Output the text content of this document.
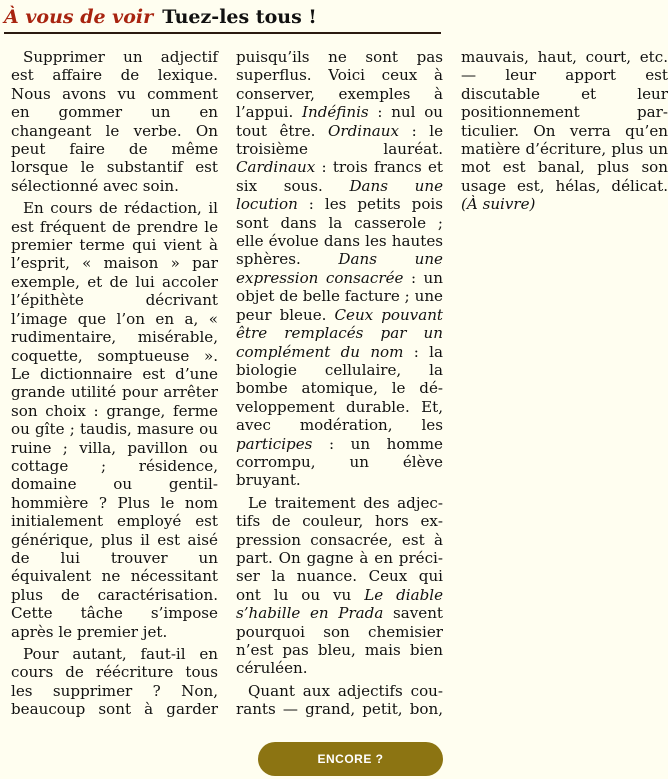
À vous de voir Tuez-les tous !

Supprimer un adjectif est affaire de lexique. Nous avons vu comment en gommer un en changeant le verbe. On peut faire de même lorsque le substantif est sélectionné avec soin.

En cours de rédaction, il est fréquent de prendre le premier terme qui vient à l’esprit, « maison » par exemple, et de lui accoler l’épithète décrivant l’image que l’on en a, « rudimentaire, misérable, coquette, somptueuse ». Le dictionnaire est d’une grande utilité pour arrêter son choix : grange, ferme ou gîte ; taudis, masure ou ruine ; villa, pavillon ou cottage ; résidence, domaine ou gentilhommière ? Plus le nom initialement employé est générique, plus il est aisé de lui trouver un équivalent ne nécessitant plus de caractérisation. Cette tâche s’impose après le premier jet.

Pour autant, faut-il en cours de réécriture tous les supprimer ? Non, beaucoup sont à garder puisqu’ils ne sont pas superflus. Voici ceux à conserver, exemples à l’appui. Indéfinis : nul ou tout être. Ordinaux : le troisième lauréat. Cardinaux : trois francs et six sous. Dans une locution : les petits pois sont dans la casserole ; elle évolue dans les hautes sphères. Dans une expression consacrée : un objet de belle facture ; une peur bleue. Ceux pouvant être remplacés par un complément du nom : la biologie cellulaire, la bombe atomique, le développement durable. Et, avec modération, les participes : un homme corrompu, un élève bruyant.

Le traitement des adjectifs de couleur, hors expression consacrée, est à part. On gagne à en préciser la nuance. Ceux qui ont lu ou vu Le diable s’habille en Prada savent pourquoi son chemisier n’est pas bleu, mais bien céruléen.

Quant aux adjectifs courants — grand, petit, bon, mauvais, haut, court, etc. — leur apport est discutable et leur positionnement particulier. On verra qu’en matière d’écriture, plus un mot est banal, plus son usage est, hélas, délicat. (À suivre)

ENCORE ?
